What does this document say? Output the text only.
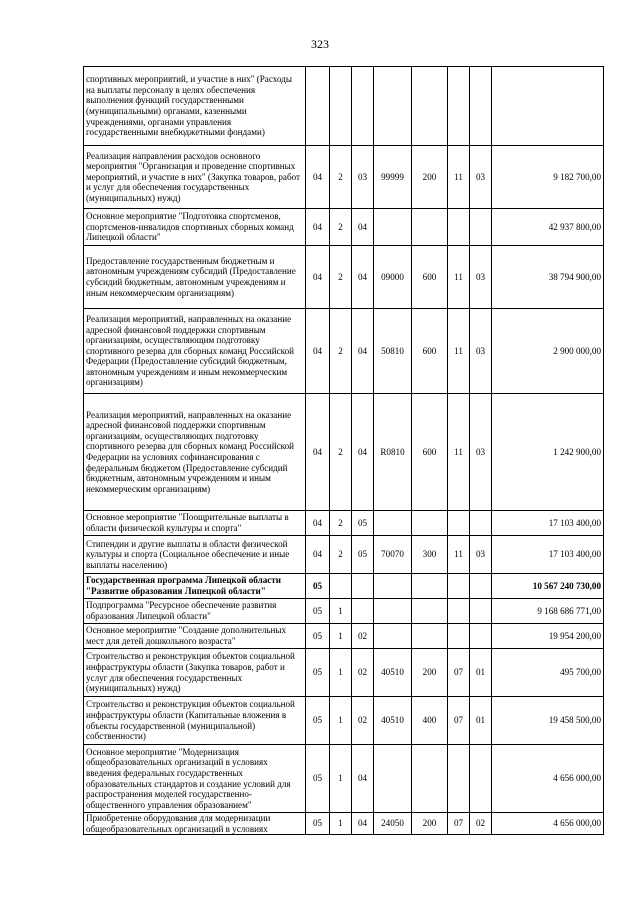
323
спортивных мероприятий, и участие в них" (Расходы на выплаты персоналу в целях обеспечения выполнения функций государственными (муниципальными) органами, казенными учреждениями, органами управления государственными внебюджетными фондами)								
Реализация направления расходов основного мероприятия "Организация и проведение спортивных мероприятий, и участие в них" (Закупка товаров, работ и услуг для обеспечения государственных (муниципальных) нужд)	04	2	03	99999	200	11	03	9 182 700,00
Основное мероприятие "Подготовка спортсменов, спортсменов-инвалидов спортивных сборных команд Липецкой области"	04	2	04					42 937 800,00
Предоставление государственным бюджетным и автономным учреждениям субсидий (Предоставление субсидий бюджетным, автономным учреждениям и иным некоммерческим организациям)	04	2	04	09000	600	11	03	38 794 900,00
Реализация мероприятий, направленных на оказание адресной финансовой поддержки спортивным организациям, осуществляющим подготовку спортивного резерва для сборных команд Российской Федерации (Предоставление субсидий бюджетным, автономным учреждениям и иным некоммерческим организациям)	04	2	04	50810	600	11	03	2 900 000,00
Реализация мероприятий, направленных на оказание адресной финансовой поддержки спортивным организациям, осуществляющих подготовку спортивного резерва для сборных команд Российской Федерации на условиях софинансирования с федеральным бюджетом (Предоставление субсидий бюджетным, автономным учреждениям и иным некоммерческим организациям)	04	2	04	R0810	600	11	03	1 242 900,00
Основное мероприятие "Поощрительные выплаты в области физической культуры и спорта"	04	2	05					17 103 400,00
Стипендии и другие выплаты в области физической культуры и спорта (Социальное обеспечение и иные выплаты населению)	04	2	05	70070	300	11	03	17 103 400,00
Государственная программа Липецкой области "Развитие образования Липецкой области"	05							10 567 240 730,00
Подпрограмма "Ресурсное обеспечение развития образования Липецкой области"	05	1						9 168 686 771,00
Основное мероприятие "Создание дополнительных мест для детей дошкольного возраста"	05	1	02					19 954 200,00
Строительство и реконструкция объектов социальной инфраструктуры области (Закупка товаров, работ и услуг для обеспечения государственных (муниципальных) нужд)	05	1	02	40510	200	07	01	495 700,00
Строительство и реконструкция объектов социальной инфраструктуры области (Капитальные вложения в объекты государственной (муниципальной) собственности)	05	1	02	40510	400	07	01	19 458 500,00
Основное мероприятие "Модернизация общеобразовательных организаций в условиях введения федеральных государственных образовательных стандартов и создание условий для распространения моделей государственно-общественного управления образованием"	05	1	04					4 656 000,00
Приобретение оборудования для модернизации общеобразовательных организаций в условиях	05	1	04	24050	200	07	02	4 656 000,00
